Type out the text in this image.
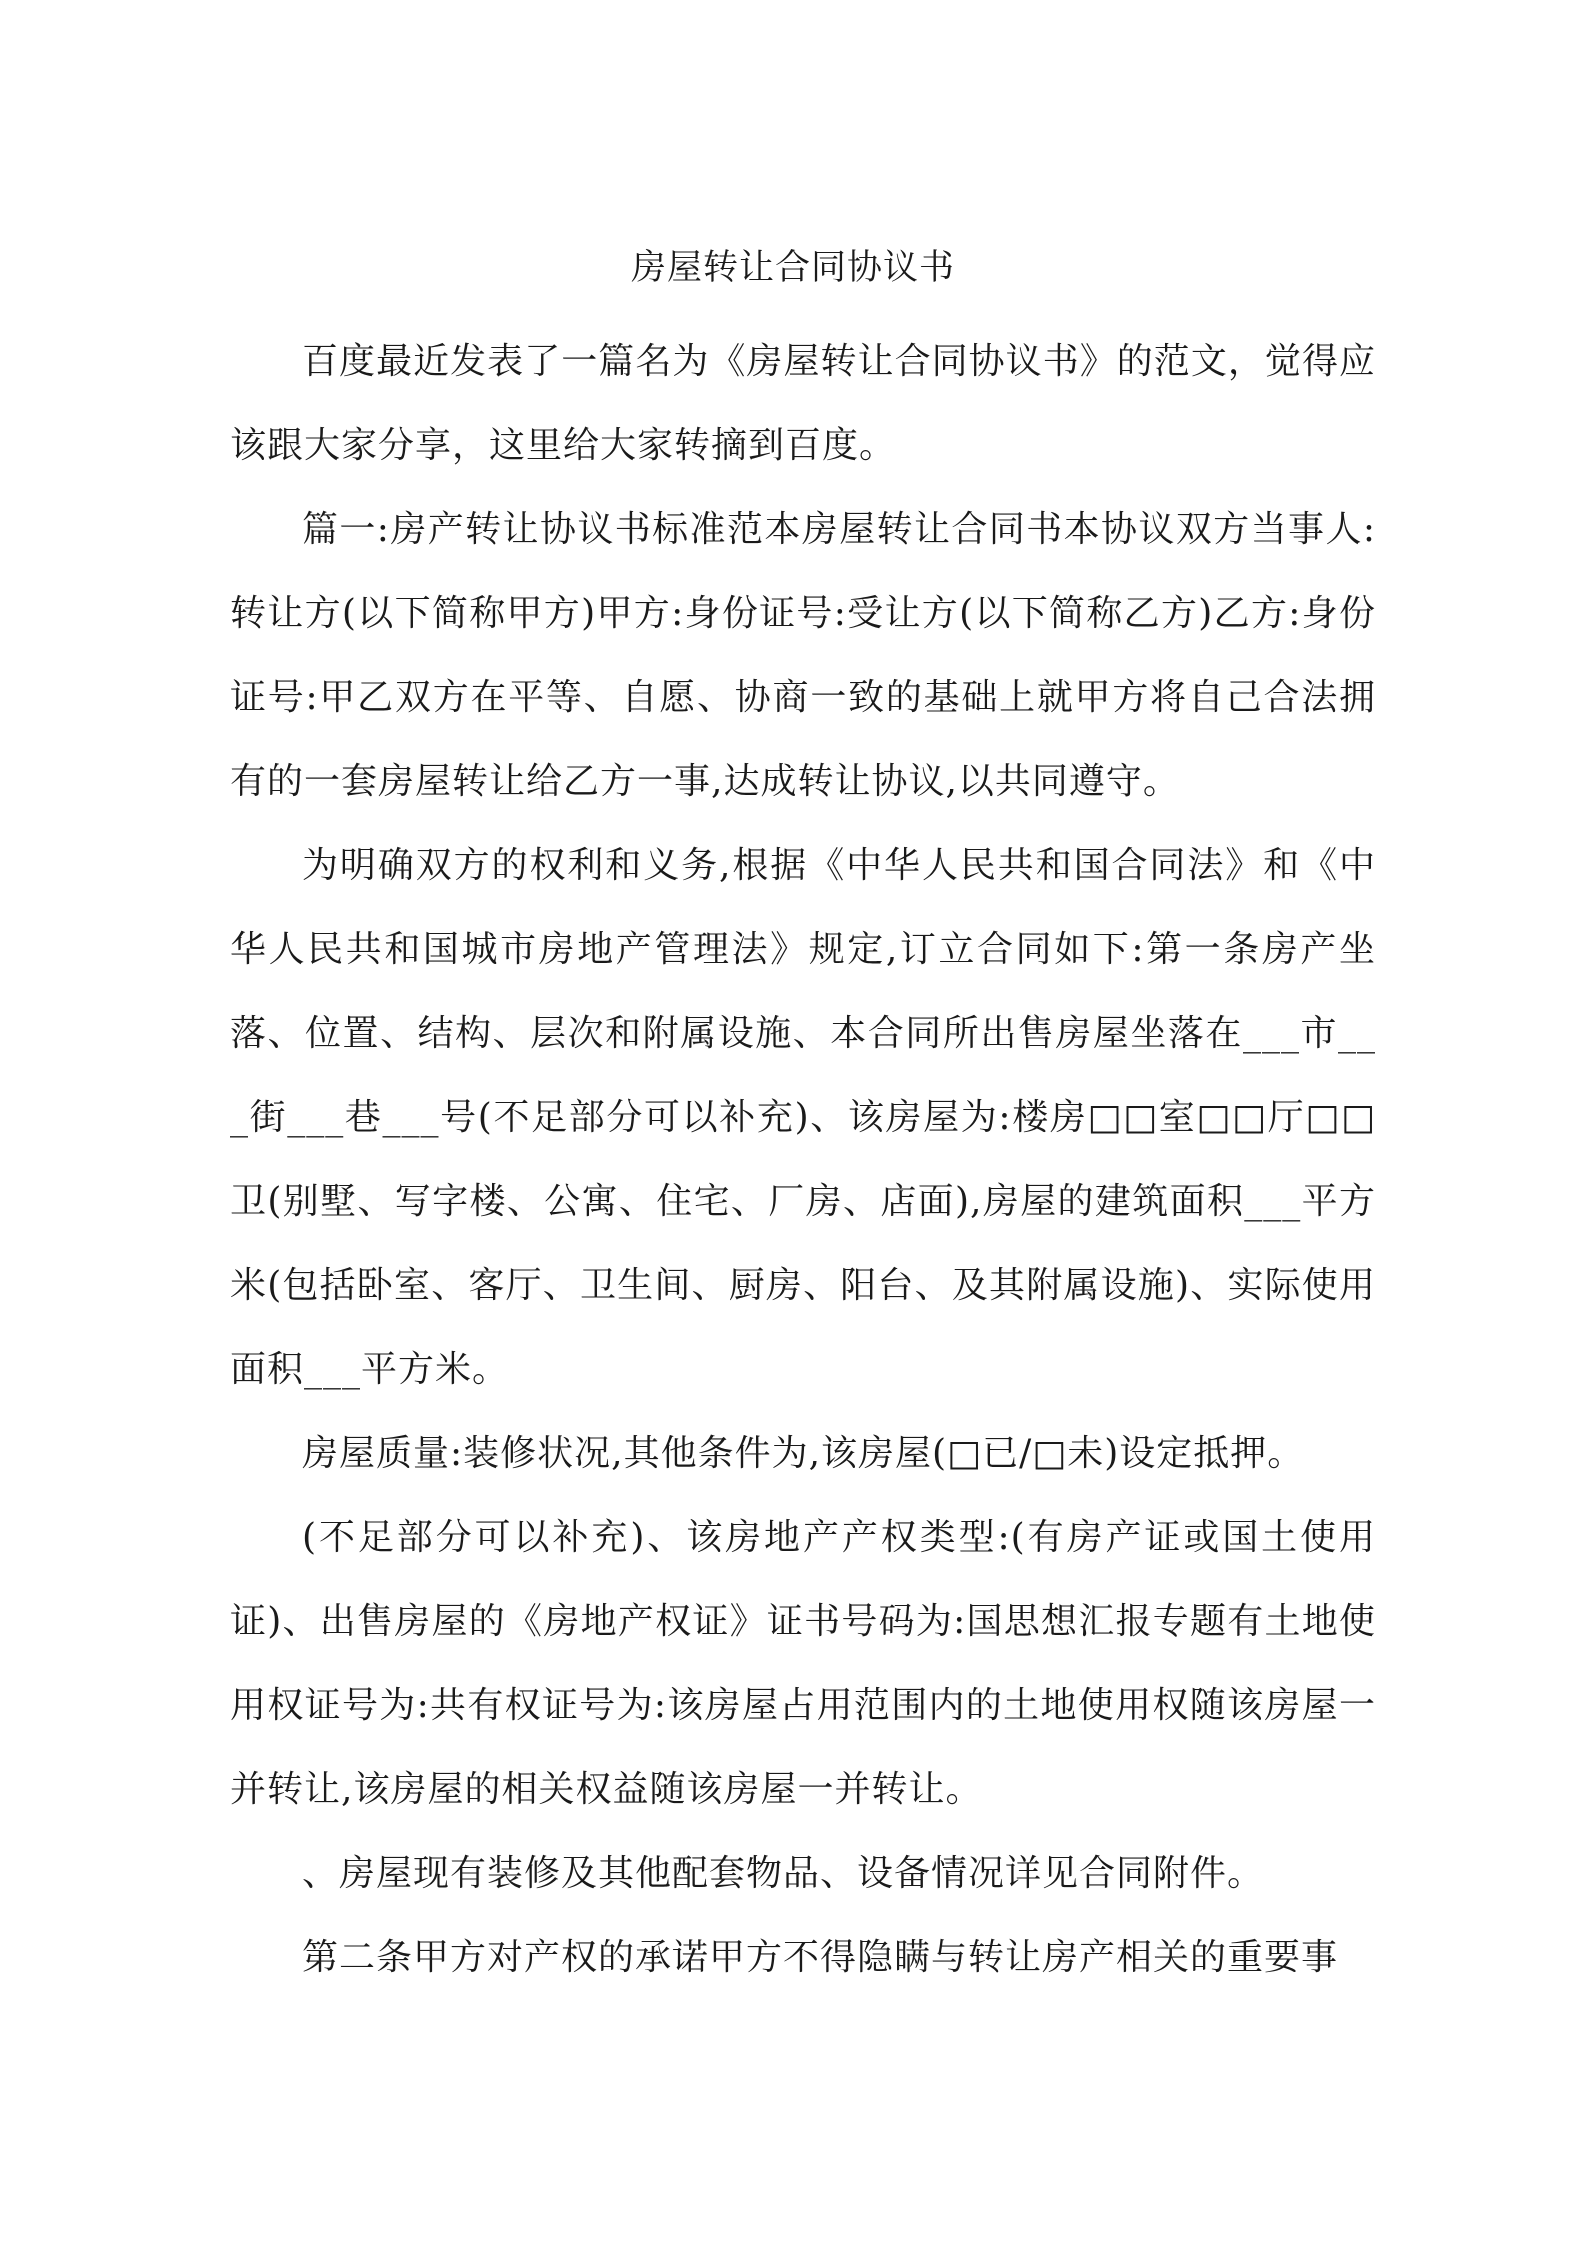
房屋转让合同协议书

百度最近发表了一篇名为《房屋转让合同协议书》的范文，觉得应该跟大家分享，这里给大家转摘到百度。

篇一:房产转让协议书标准范本房屋转让合同书本协议双方当事人:转让方(以下简称甲方)甲方:身份证号:受让方(以下简称乙方)乙方:身份证号:甲乙双方在平等、自愿、协商一致的基础上就甲方将自己合法拥有的一套房屋转让给乙方一事,达成转让协议,以共同遵守。

为明确双方的权利和义务,根据《中华人民共和国合同法》和《中华人民共和国城市房地产管理法》规定,订立合同如下:第一条房产坐落、位置、结构、层次和附属设施、本合同所出售房屋坐落在___市___街___巷___号(不足部分可以补充)、该房屋为:楼房□□室□□厅□□卫(别墅、写字楼、公寓、住宅、厂房、店面),房屋的建筑面积___平方米(包括卧室、客厅、卫生间、厨房、阳台、及其附属设施)、实际使用面积___平方米。

房屋质量:装修状况,其他条件为,该房屋(□已/□未)设定抵押。

(不足部分可以补充)、该房地产产权类型:(有房产证或国土使用证)、出售房屋的《房地产权证》证书号码为:国思想汇报专题有土地使用权证号为:共有权证号为:该房屋占用范围内的土地使用权随该房屋一并转让,该房屋的相关权益随该房屋一并转让。

、房屋现有装修及其他配套物品、设备情况详见合同附件。

第二条甲方对产权的承诺甲方不得隐瞒与转让房产相关的重要事
